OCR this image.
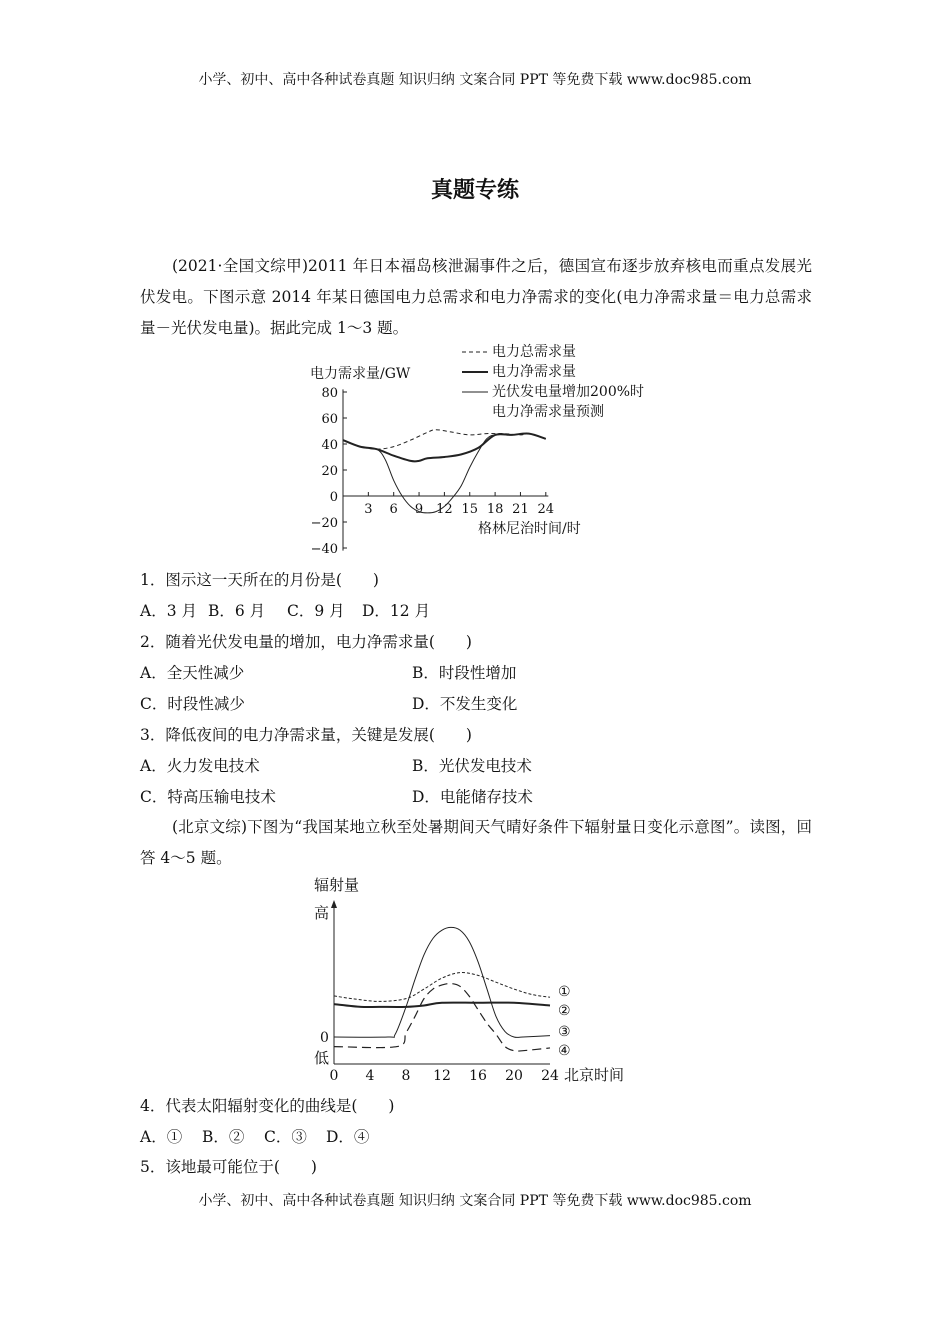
小学、初中、高中各种试卷真题 知识归纳 文案合同 PPT 等免费下载 www.doc985.com
真题专练
(2021·全国文综甲)2011 年日本福岛核泄漏事件之后，德国宣布逐步放弃核电而重点发展光伏发电。下图示意 2014 年某日德国电力总需求和电力净需求的变化(电力净需求量＝电力总需求量－光伏发电量)。据此完成 1～3 题。
80
60
40
20
0
−20
−40
3 6 9 12 15 18 21 24
电力需求量/GW
格林尼治时间/时
电力总需求量
电力净需求量
光伏发电量增加200%时
电力净需求量预测
1．图示这一天所在的月份是(　　)
A．3 月 B．6 月 C．9 月 D．12 月
2．随着光伏发电量的增加，电力净需求量(　　)
A．全天性减少	B．时段性增加
C．时段性减少	D．不发生变化
3．降低夜间的电力净需求量，关键是发展(　　)
A．火力发电技术	B．光伏发电技术
C．特高压输电技术	D．电能储存技术
(北京文综)下图为“我国某地立秋至处暑期间天气晴好条件下辐射量日变化示意图”。读图，回答 4～5 题。
0 4 8 12 16 20 24 北京时间
辐射量
高
0
低
①
②
③
④
4．代表太阳辐射变化的曲线是(　　)
A．① B．② C．③ D．④
5．该地最可能位于(　　)
小学、初中、高中各种试卷真题 知识归纳 文案合同 PPT 等免费下载 www.doc985.com
